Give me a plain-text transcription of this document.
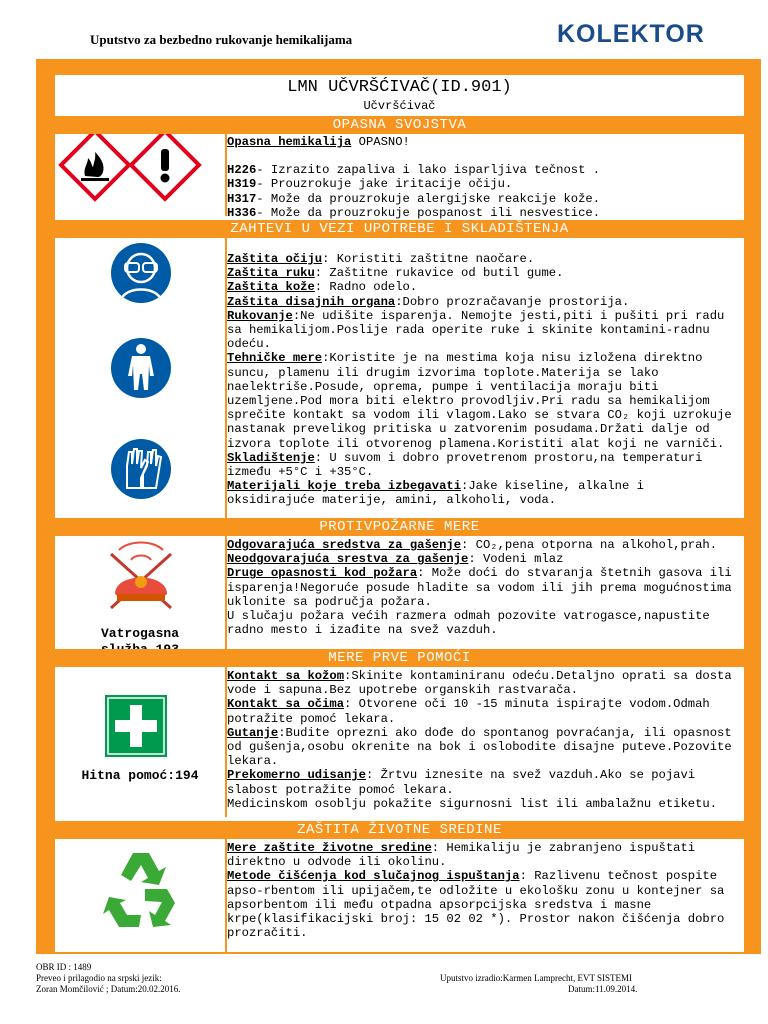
Uputstvo za bezbedno rukovanje hemikalijama	KOLEKTOR
LMN UČVRŠĆIVAČ(ID.901)
Učvršćivač
OPASNA SVOJSTVA

Opasna hemikalija OPASNO!

H226- Izrazito zapaliva i lako isparljiva tečnost .

H319- Prouzrokuje jake iritacije očiju.

H317- Može da prouzrokuje alergijske reakcije kože.

H336- Može da prouzrokuje pospanost ili nesvestice.

ZAHTEVI U VEZI UPOTREBE I SKLADIŠTENJA

Zaštita očiju: Koristiti zaštitne naočare.

Zaštita ruku: Zaštitne rukavice od butil gume.

Zaštita kože: Radno odelo.

Zaštita disajnih organa:Dobro prozračavanje prostorija.

Rukovanje:Ne udišite isparenja. Nemojte jesti,piti i pušiti pri radu sa hemikalijom.Poslije rada operite ruke i skinite kontamini-radnu odeću.

Tehničke mere:Koristite je na mestima koja nisu izložena direktno suncu, plamenu ili drugim izvorima toplote.Materija se lako naelektriše.Posude, oprema, pumpe i ventilacija moraju biti uzemljene.Pod mora biti elektro provodljiv.Pri radu sa hemikalijom sprečite kontakt sa vodom ili vlagom.Lako se stvara CO₂ koji uzrokuje nastanak prevelikog pritiska u zatvorenim posudama.Držati dalje od izvora toplote ili otvorenog plamena.Koristiti alat koji ne varniči.

Skladištenje: U suvom i dobro provetrenom prostoru,na temperaturi između +5°C i +35°C.

Materijali koje treba izbegavati:Jake kiseline, alkalne i oksidirajuće materije, amini, alkoholi, voda.

PROTIVPOŽARNE MERE
Vatrogasna

Odgovarajuća sredstva za gašenje: CO₂,pena otporna na alkohol,prah.

Neodgovarajuća srestva za gašenje: Vodeni mlaz

Druge opasnosti kod požara: Može doći do stvaranja štetnih gasova ili isparenja!Negoruće posude hladite sa vodom ili jih prema mogućnostima uklonite sa područja požara.

U slučaju požara većih razmera odmah pozovite vatrogasce,napustite radno mesto i izađite na svež vazduh.

MERE PRVE POMOĆI
Hitna pomoć:194

Kontakt sa kožom:Skinite kontaminiranu odeću.Detaljno oprati sa dosta vode i sapuna.Bez upotrebe organskih rastvarača.

Kontakt sa očima: Otvorene oči 10 -15 minuta ispirajte vodom.Odmah potražite pomoć lekara.

Gutanje:Budite oprezni ako dođe do spontanog povraćanja, ili opasnost od gušenja,osobu okrenite na bok i oslobodite disajne puteve.Pozovite lekara.

Prekomerno udisanje: Žrtvu iznesite na svež vazduh.Ako se pojavi slabost potražite pomoć lekara.

Medicinskom osoblju pokažite sigurnosni list ili ambalažnu etiketu.

ZAŠTITA ŽIVOTNE SREDINE

Mere zaštite životne sredine: Hemikaliju je zabranjeno ispuštati direktno u odvode ili okolinu.

Metode čišćenja kod slučajnog ispuštanja: Razlivenu tečnost pospite apso-rbentom ili upijačem,te odložite u ekološku zonu u kontejner sa apsorbentom ili među otpadna apsorpcijska sredstva i masne krpe(klasifikacijski broj: 15 02 02 *). Prostor nakon čišćenja dobro prozračiti.

OBR ID : 1489
Preveo i prilagodio na srpski jezik:
Zoran Momčilović ; Datum:20.02.2016.
Uputstvo izradio:Karmen Lamprecht, EVT SISTEMI
Datum:11.09.2014.
